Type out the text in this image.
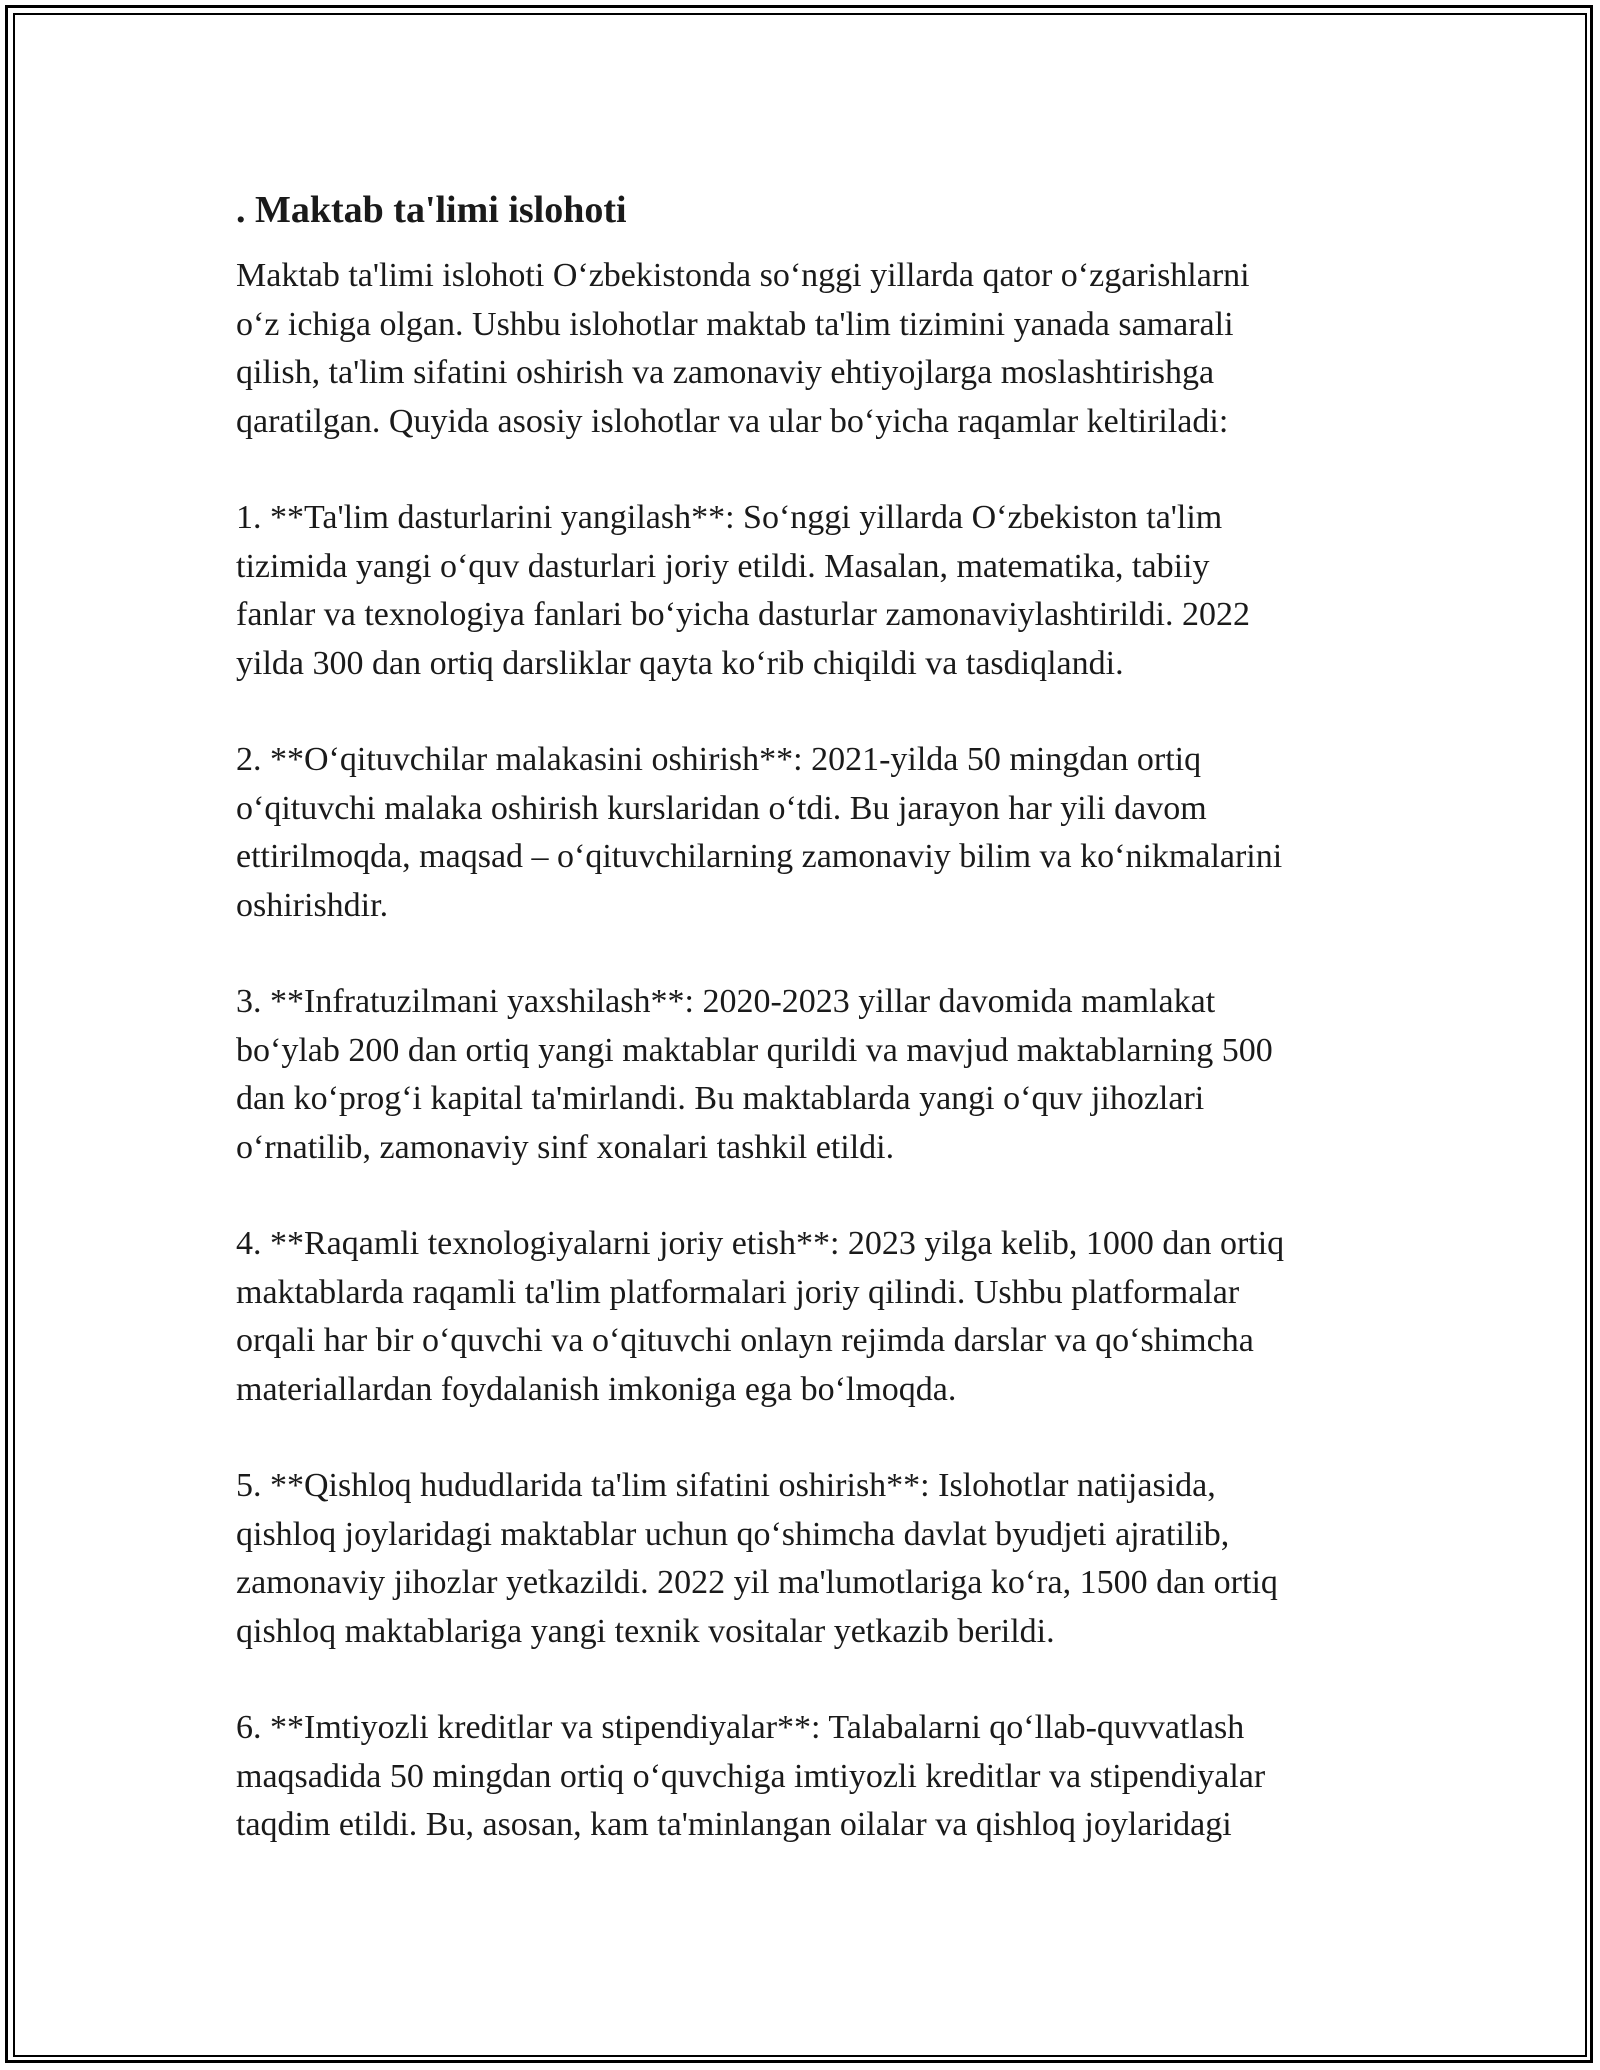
. Maktab ta'limi islohoti
Maktab ta'limi islohoti Oʻzbekistonda soʻnggi yillarda qator oʻzgarishlarni
oʻz ichiga olgan. Ushbu islohotlar maktab ta'lim tizimini yanada samarali
qilish, ta'lim sifatini oshirish va zamonaviy ehtiyojlarga moslashtirishga
qaratilgan. Quyida asosiy islohotlar va ular boʻyicha raqamlar keltiriladi:
1. **Ta'lim dasturlarini yangilash**: Soʻnggi yillarda Oʻzbekiston ta'lim
tizimida yangi oʻquv dasturlari joriy etildi. Masalan, matematika, tabiiy
fanlar va texnologiya fanlari boʻyicha dasturlar zamonaviylashtirildi. 2022
yilda 300 dan ortiq darsliklar qayta koʻrib chiqildi va tasdiqlandi.
2. **Oʻqituvchilar malakasini oshirish**: 2021-yilda 50 mingdan ortiq
oʻqituvchi malaka oshirish kurslaridan oʻtdi. Bu jarayon har yili davom
ettirilmoqda, maqsad – oʻqituvchilarning zamonaviy bilim va koʻnikmalarini
oshirishdir.
3. **Infratuzilmani yaxshilash**: 2020-2023 yillar davomida mamlakat
boʻylab 200 dan ortiq yangi maktablar qurildi va mavjud maktablarning 500
dan koʻprogʻi kapital ta'mirlandi. Bu maktablarda yangi oʻquv jihozlari
oʻrnatilib, zamonaviy sinf xonalari tashkil etildi.
4. **Raqamli texnologiyalarni joriy etish**: 2023 yilga kelib, 1000 dan ortiq
maktablarda raqamli ta'lim platformalari joriy qilindi. Ushbu platformalar
orqali har bir oʻquvchi va oʻqituvchi onlayn rejimda darslar va qoʻshimcha
materiallardan foydalanish imkoniga ega boʻlmoqda.
5. **Qishloq hududlarida ta'lim sifatini oshirish**: Islohotlar natijasida,
qishloq joylaridagi maktablar uchun qoʻshimcha davlat byudjeti ajratilib,
zamonaviy jihozlar yetkazildi. 2022 yil ma'lumotlariga koʻra, 1500 dan ortiq
qishloq maktablariga yangi texnik vositalar yetkazib berildi.
6. **Imtiyozli kreditlar va stipendiyalar**: Talabalarni qoʻllab-quvvatlash
maqsadida 50 mingdan ortiq oʻquvchiga imtiyozli kreditlar va stipendiyalar
taqdim etildi. Bu, asosan, kam ta'minlangan oilalar va qishloq joylaridagi
